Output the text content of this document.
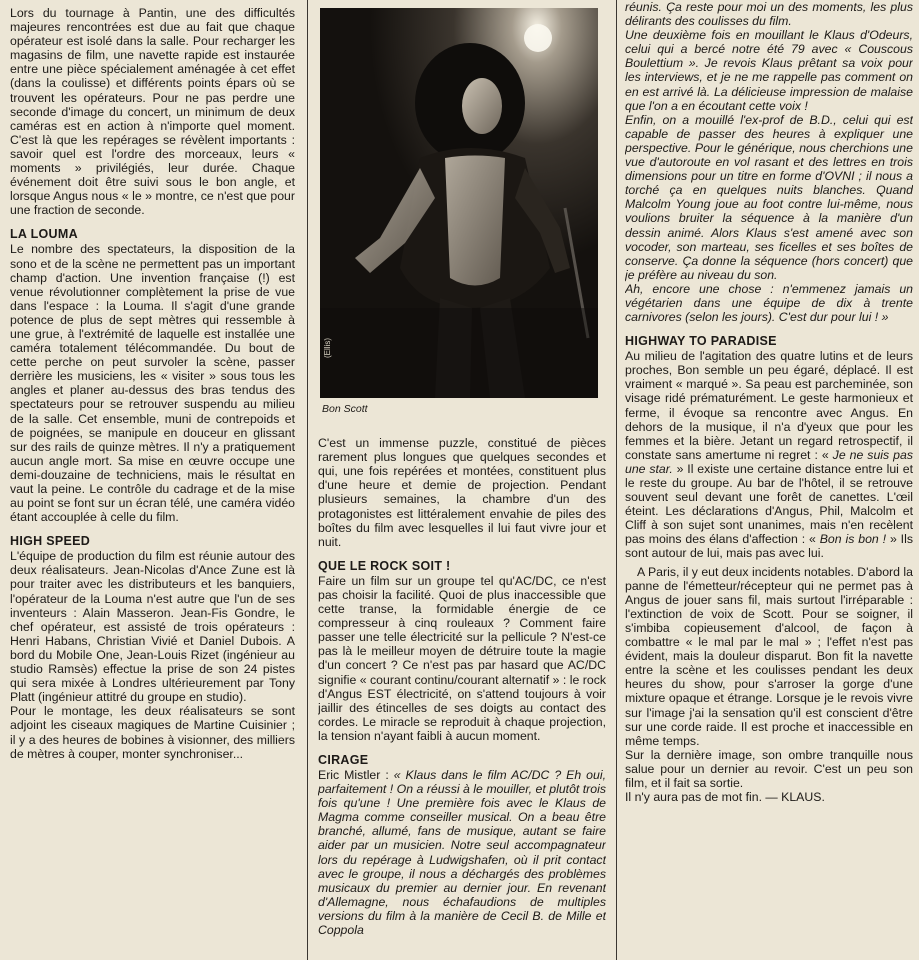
Lors du tournage à Pantin, une des difficultés majeures rencontrées est due au fait que chaque opérateur est isolé dans la salle. Pour recharger les magasins de film, une navette rapide est instaurée entre une pièce spécialement aménagée à cet effet (dans la coulisse) et différents points épars où se trouvent les opérateurs. Pour ne pas perdre une seconde d'image du concert, un minimum de deux caméras est en action à n'importe quel moment. C'est là que les repérages se révèlent importants : savoir quel est l'ordre des morceaux, leurs « moments » privilégiés, leur durée. Chaque événement doit être suivi sous le bon angle, et lorsque Angus nous « le » montre, ce n'est que pour une fraction de seconde.

LA LOUMA

Le nombre des spectateurs, la disposition de la sono et de la scène ne permettent pas un important champ d'action. Une invention française (!) est venue révolutionner complètement la prise de vue dans l'espace : la Louma. Il s'agit d'une grande potence de plus de sept mètres qui ressemble à une grue, à l'extrémité de laquelle est installée une caméra totalement télécommandée. Du bout de cette perche on peut survoler la scène, passer derrière les musiciens, les « visiter » sous tous les angles et planer au-dessus des bras tendus des spectateurs pour se retrouver suspendu au milieu de la salle. Cet ensemble, muni de contrepoids et de poignées, se manipule en douceur en glissant sur des rails de quinze mètres. Il n'y a pratiquement aucun angle mort. Sa mise en œuvre occupe une demi-douzaine de techniciens, mais le résultat en vaut la peine. Le contrôle du cadrage et de la mise au point se font sur un écran télé, une caméra vidéo étant accouplée à celle du film.

HIGH SPEED

L'équipe de production du film est réunie autour des deux réalisateurs. Jean-Nicolas d'Ance Zune est là pour traiter avec les distributeurs et les banquiers, l'opérateur de la Louma n'est autre que l'un de ses inventeurs : Alain Masseron. Jean-Fis Gondre, le chef opérateur, est assisté de trois opérateurs : Henri Habans, Christian Vivié et Daniel Dubois. A bord du Mobile One, Jean-Louis Rizet (ingénieur au studio Ramsès) effectue la prise de son 24 pistes qui sera mixée à Londres ultérieurement par Tony Platt (ingénieur attitré du groupe en studio).

Pour le montage, les deux réalisateurs se sont adjoint les ciseaux magiques de Martine Cuisinier ; il y a des heures de bobines à visionner, des milliers de mètres à couper, monter synchroniser...

(Ellis)
Bon Scott

C'est un immense puzzle, constitué de pièces rarement plus longues que quelques secondes et qui, une fois repérées et montées, constituent plus d'une heure et demie de projection. Pendant plusieurs semaines, la chambre d'un des protagonistes est littéralement envahie de piles des boîtes du film avec lesquelles il lui faut vivre jour et nuit.

QUE LE ROCK SOIT !

Faire un film sur un groupe tel qu'AC/DC, ce n'est pas choisir la facilité. Quoi de plus inaccessible que cette transe, la formidable énergie de ce compresseur à cinq rouleaux ? Comment faire passer une telle électricité sur la pellicule ? N'est-ce pas là le meilleur moyen de détruire toute la magie d'un concert ? Ce n'est pas par hasard que AC/DC signifie « courant continu/courant alternatif » : le rock d'Angus EST électricité, on s'attend toujours à voir jaillir des étincelles de ses doigts au contact des cordes. Le miracle se reproduit à chaque projection, la tension n'ayant faibli à aucun moment.

CIRAGE

Eric Mistler : « Klaus dans le film AC/DC ? Eh oui, parfaitement ! On a réussi à le mouiller, et plutôt trois fois qu'une ! Une première fois avec le Klaus de Magma comme conseiller musical. On a beau être branché, allumé, fans de musique, autant se faire aider par un musicien. Notre seul accompagnateur lors du repérage à Ludwigshafen, où il prit contact avec le groupe, il nous a déchargés des problèmes musicaux du premier au dernier jour. En revenant d'Allemagne, nous échafaudions de multiples versions du film à la manière de Cecil B. de Mille et Coppola

réunis. Ça reste pour moi un des moments, les plus délirants des coulisses du film.

Une deuxième fois en mouillant le Klaus d'Odeurs, celui qui a bercé notre été 79 avec « Couscous Boulettium ». Je revois Klaus prêtant sa voix pour les interviews, et je ne me rappelle pas comment on en est arrivé là. La délicieuse impression de malaise que l'on a en écoutant cette voix !

Enfin, on a mouillé l'ex-prof de B.D., celui qui est capable de passer des heures à expliquer une perspective. Pour le générique, nous cherchions une vue d'autoroute en vol rasant et des lettres en trois dimensions pour un titre en forme d'OVNI ; il nous a torché ça en quelques nuits blanches. Quand Malcolm Young joue au foot contre lui-même, nous voulions bruiter la séquence à la manière d'un dessin animé. Alors Klaus s'est amené avec son vocoder, son marteau, ses ficelles et ses boîtes de conserve. Ça donne la séquence (hors concert) que je préfère au niveau du son.

Ah, encore une chose : n'emmenez jamais un végétarien dans une équipe de dix à trente carnivores (selon les jours). C'est dur pour lui ! »

HIGHWAY TO PARADISE

Au milieu de l'agitation des quatre lutins et de leurs proches, Bon semble un peu égaré, déplacé. Il est vraiment « marqué ». Sa peau est parcheminée, son visage ridé prématurément. Le geste harmonieux et ferme, il évoque sa rencontre avec Angus. En dehors de la musique, il n'a d'yeux que pour les femmes et la bière. Jetant un regard retrospectif, il constate sans amertume ni regret : « Je ne suis pas une star. » Il existe une certaine distance entre lui et le reste du groupe. Au bar de l'hôtel, il se retrouve souvent seul devant une forêt de canettes. L'œil éteint. Les déclarations d'Angus, Phil, Malcolm et Cliff à son sujet sont unanimes, mais n'en recèlent pas moins des élans d'affection : « Bon is bon ! » Ils sont autour de lui, mais pas avec lui.

A Paris, il y eut deux incidents notables. D'abord la panne de l'émetteur/récepteur qui ne permet pas à Angus de jouer sans fil, mais surtout l'irréparable : l'extinction de voix de Scott. Pour se soigner, il s'imbiba copieusement d'alcool, de façon à combattre « le mal par le mal » ; l'effet n'est pas évident, mais la douleur disparut. Bon fit la navette entre la scène et les coulisses pendant les deux heures du show, pour s'arroser la gorge d'une mixture opaque et étrange. Lorsque je le revois vivre sur l'image j'ai la sensation qu'il est conscient d'être sur une corde raide. Il est proche et inaccessible en même temps.

Sur la dernière image, son ombre tranquille nous salue pour un dernier au revoir. C'est un peu son film, et il fait sa sortie.

Il n'y aura pas de mot fin. — KLAUS.
